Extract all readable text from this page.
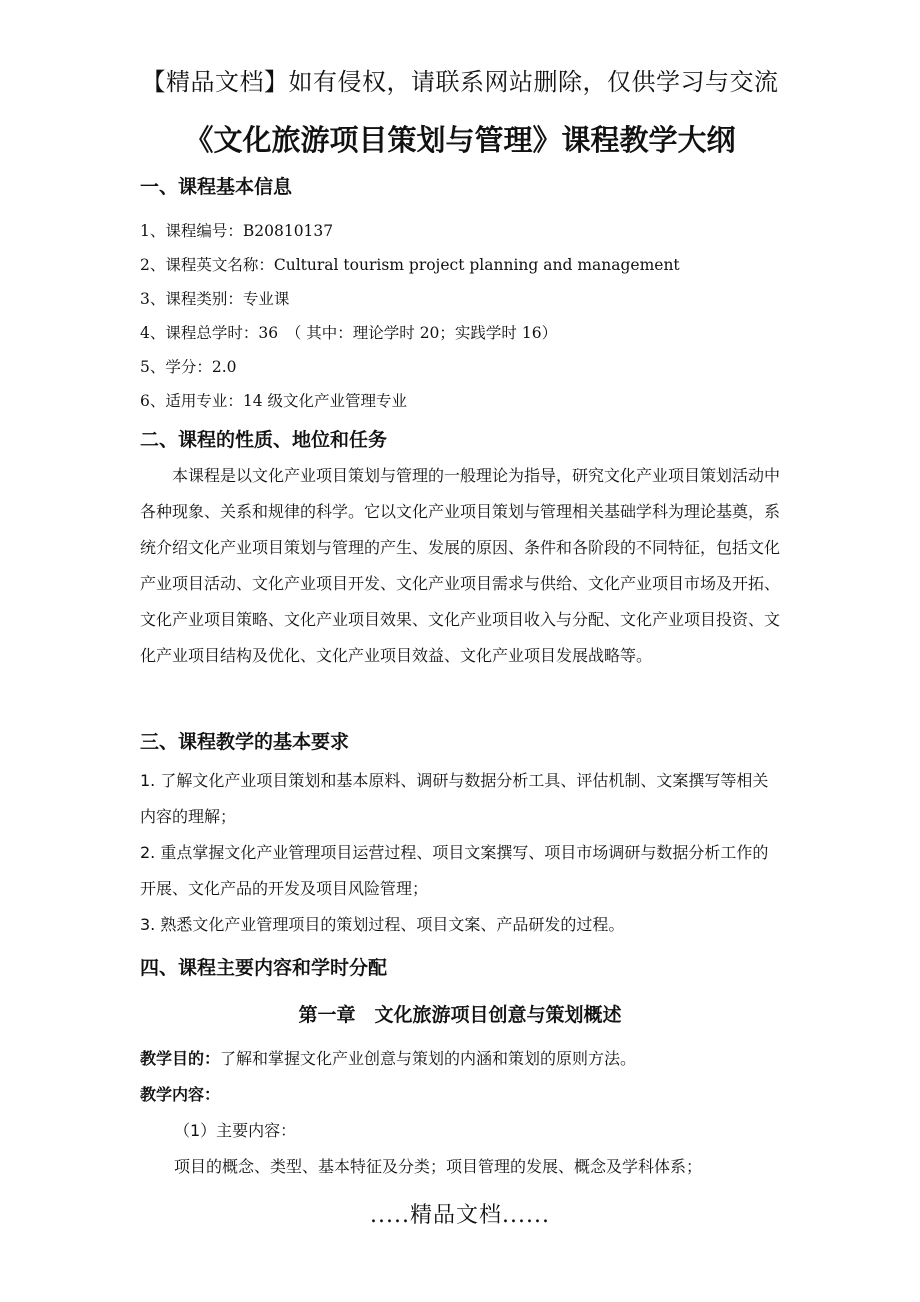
【精品文档】如有侵权，请联系网站删除，仅供学习与交流
《文化旅游项目策划与管理》课程教学大纲
一、课程基本信息
1、课程编号：B20810137
2、课程英文名称：Cultural tourism project planning and management
3、课程类别：专业课
4、课程总学时：36　（ 其中：理论学时 20；实践学时 16）
5、学分：2.0
6、适用专业：14 级文化产业管理专业
二、课程的性质、地位和任务
本课程是以文化产业项目策划与管理的一般理论为指导，研究文化产业项目策划活动中各种现象、关系和规律的科学。它以文化产业项目策划与管理相关基础学科为理论基奠，系统介绍文化产业项目策划与管理的产生、发展的原因、条件和各阶段的不同特征，包括文化产业项目活动、文化产业项目开发、文化产业项目需求与供给、文化产业项目市场及开拓、文化产业项目策略、文化产业项目效果、文化产业项目收入与分配、文化产业项目投资、文化产业项目结构及优化、文化产业项目效益、文化产业项目发展战略等。
三、课程教学的基本要求
1. 了解文化产业项目策划和基本原料、调研与数据分析工具、评估机制、文案撰写等相关内容的理解；
2. 重点掌握文化产业管理项目运营过程、项目文案撰写、项目市场调研与数据分析工作的开展、文化产品的开发及项目风险管理；
3. 熟悉文化产业管理项目的策划过程、项目文案、产品研发的过程。
四、课程主要内容和学时分配
第一章　文化旅游项目创意与策划概述
教学目的：了解和掌握文化产业创意与策划的内涵和策划的原则方法。
教学内容：
（1）主要内容：
项目的概念、类型、基本特征及分类；项目管理的发展、概念及学科体系；
.....精品文档......
